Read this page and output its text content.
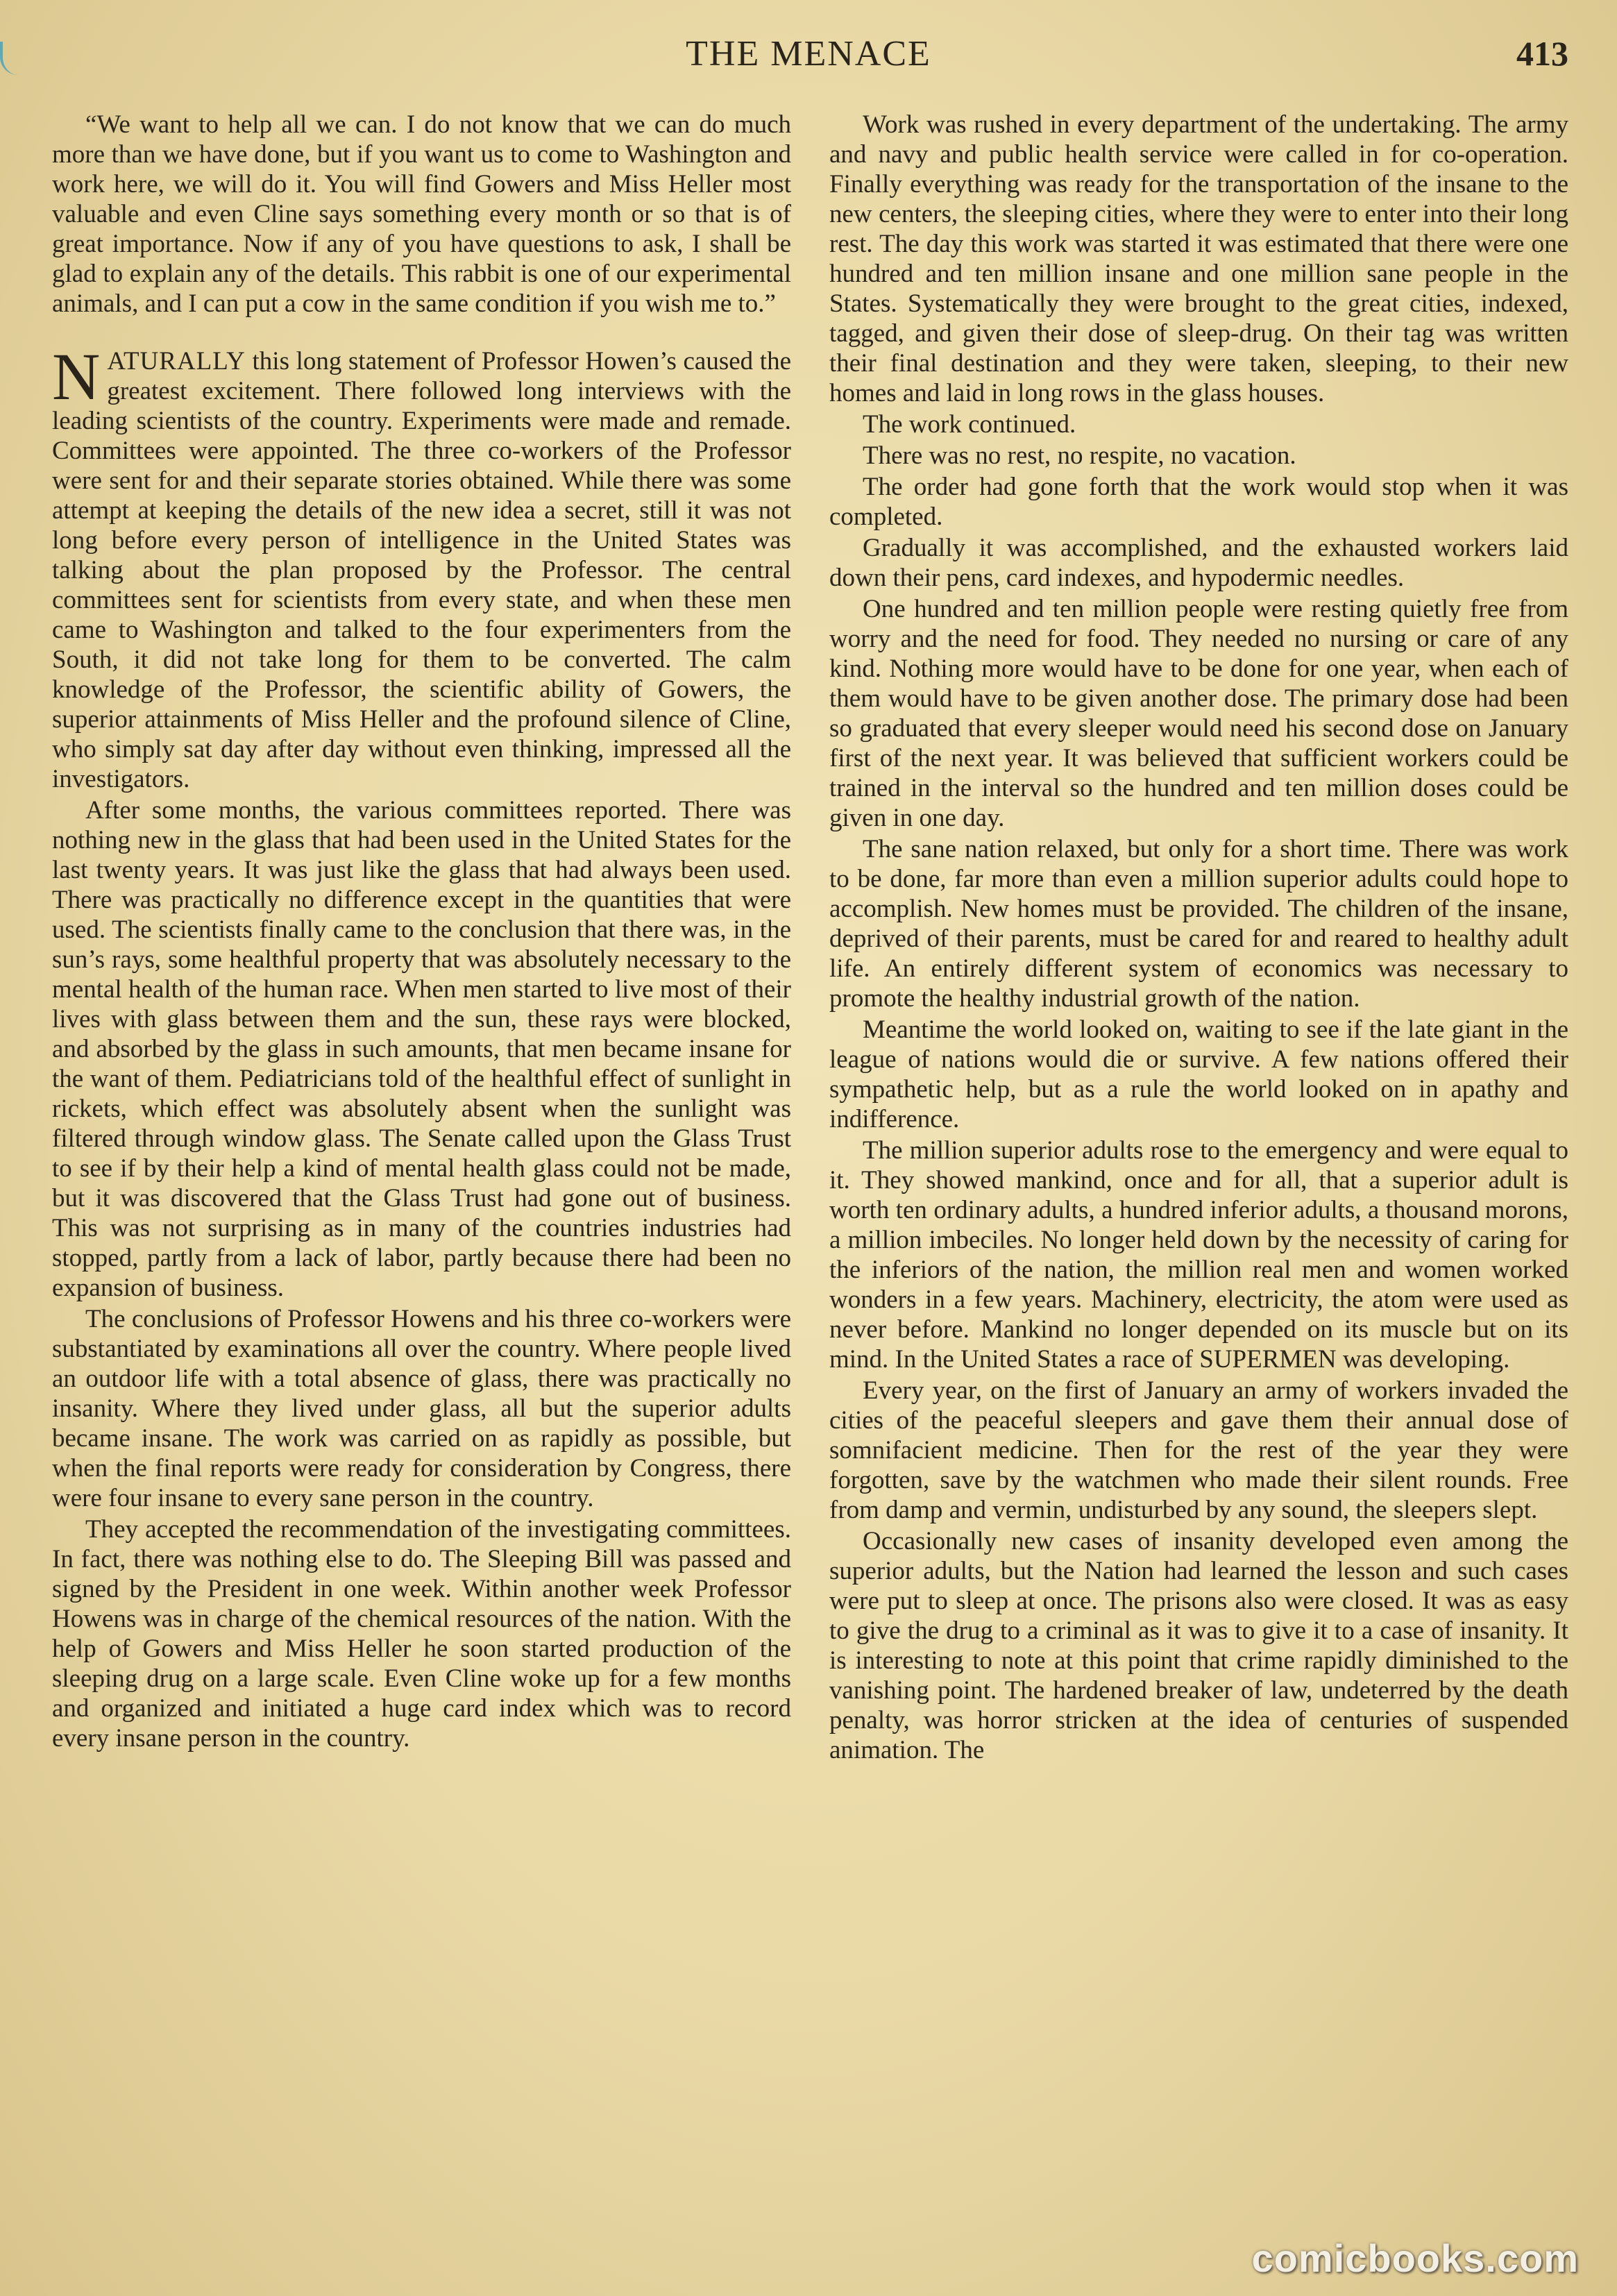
THE MENACE	413

“We want to help all we can. I do not know that we can do much more than we have done, but if you want us to come to Washington and work here, we will do it. You will find Gowers and Miss Heller most valuable and even Cline says something every month or so that is of great importance. Now if any of you have questions to ask, I shall be glad to explain any of the details. This rabbit is one of our experimental animals, and I can put a cow in the same condition if you wish me to.”

NATURALLY this long statement of Professor Howen’s caused the greatest excitement. There followed long interviews with the leading scientists of the country. Experiments were made and remade. Committees were appointed. The three co-workers of the Professor were sent for and their separate stories obtained. While there was some attempt at keeping the details of the new idea a secret, still it was not long before every person of intelligence in the United States was talking about the plan proposed by the Professor. The central committees sent for scientists from every state, and when these men came to Washington and talked to the four experimenters from the South, it did not take long for them to be converted. The calm knowledge of the Professor, the scientific ability of Gowers, the superior attainments of Miss Heller and the profound silence of Cline, who simply sat day after day without even thinking, impressed all the investigators.

After some months, the various committees reported. There was nothing new in the glass that had been used in the United States for the last twenty years. It was just like the glass that had always been used. There was practically no difference except in the quantities that were used. The scientists finally came to the conclusion that there was, in the sun’s rays, some healthful property that was absolutely necessary to the mental health of the human race. When men started to live most of their lives with glass between them and the sun, these rays were blocked, and absorbed by the glass in such amounts, that men became insane for the want of them. Pediatricians told of the healthful effect of sunlight in rickets, which effect was absolutely absent when the sunlight was filtered through window glass. The Senate called upon the Glass Trust to see if by their help a kind of mental health glass could not be made, but it was discovered that the Glass Trust had gone out of business. This was not surprising as in many of the countries industries had stopped, partly from a lack of labor, partly because there had been no expansion of business.

The conclusions of Professor Howens and his three co-workers were substantiated by examinations all over the country. Where people lived an outdoor life with a total absence of glass, there was practically no insanity. Where they lived under glass, all but the superior adults became insane. The work was carried on as rapidly as possible, but when the final reports were ready for consideration by Congress, there were four insane to every sane person in the country.

They accepted the recommendation of the investigating committees. In fact, there was nothing else to do. The Sleeping Bill was passed and signed by the President in one week. Within another week Professor Howens was in charge of the chemical resources of the nation. With the help of Gowers and Miss Heller he soon started production of the sleeping drug on a large scale. Even Cline woke up for a few months and organized and initiated a huge card index which was to record every insane person in the country.

Work was rushed in every department of the undertaking. The army and navy and public health service were called in for co-operation. Finally everything was ready for the transportation of the insane to the new centers, the sleeping cities, where they were to enter into their long rest. The day this work was started it was estimated that there were one hundred and ten million insane and one million sane people in the States. Systematically they were brought to the great cities, indexed, tagged, and given their dose of sleep-drug. On their tag was written their final destination and they were taken, sleeping, to their new homes and laid in long rows in the glass houses.

The work continued.

There was no rest, no respite, no vacation.

The order had gone forth that the work would stop when it was completed.

Gradually it was accomplished, and the exhausted workers laid down their pens, card indexes, and hypodermic needles.

One hundred and ten million people were resting quietly free from worry and the need for food. They needed no nursing or care of any kind. Nothing more would have to be done for one year, when each of them would have to be given another dose. The primary dose had been so graduated that every sleeper would need his second dose on January first of the next year. It was believed that sufficient workers could be trained in the interval so the hundred and ten million doses could be given in one day.

The sane nation relaxed, but only for a short time. There was work to be done, far more than even a million superior adults could hope to accomplish. New homes must be provided. The children of the insane, deprived of their parents, must be cared for and reared to healthy adult life. An entirely different system of economics was necessary to promote the healthy industrial growth of the nation.

Meantime the world looked on, waiting to see if the late giant in the league of nations would die or survive. A few nations offered their sympathetic help, but as a rule the world looked on in apathy and indifference.

The million superior adults rose to the emergency and were equal to it. They showed mankind, once and for all, that a superior adult is worth ten ordinary adults, a hundred inferior adults, a thousand morons, a million imbeciles. No longer held down by the necessity of caring for the inferiors of the nation, the million real men and women worked wonders in a few years. Machinery, electricity, the atom were used as never before. Mankind no longer depended on its muscle but on its mind. In the United States a race of SUPERMEN was developing.

Every year, on the first of January an army of workers invaded the cities of the peaceful sleepers and gave them their annual dose of somnifacient medicine. Then for the rest of the year they were forgotten, save by the watchmen who made their silent rounds. Free from damp and vermin, undisturbed by any sound, the sleepers slept.

Occasionally new cases of insanity developed even among the superior adults, but the Nation had learned the lesson and such cases were put to sleep at once. The prisons also were closed. It was as easy to give the drug to a criminal as it was to give it to a case of insanity. It is interesting to note at this point that crime rapidly diminished to the vanishing point. The hardened breaker of law, undeterred by the death penalty, was horror stricken at the idea of centuries of suspended animation. The

comicbooks.com
